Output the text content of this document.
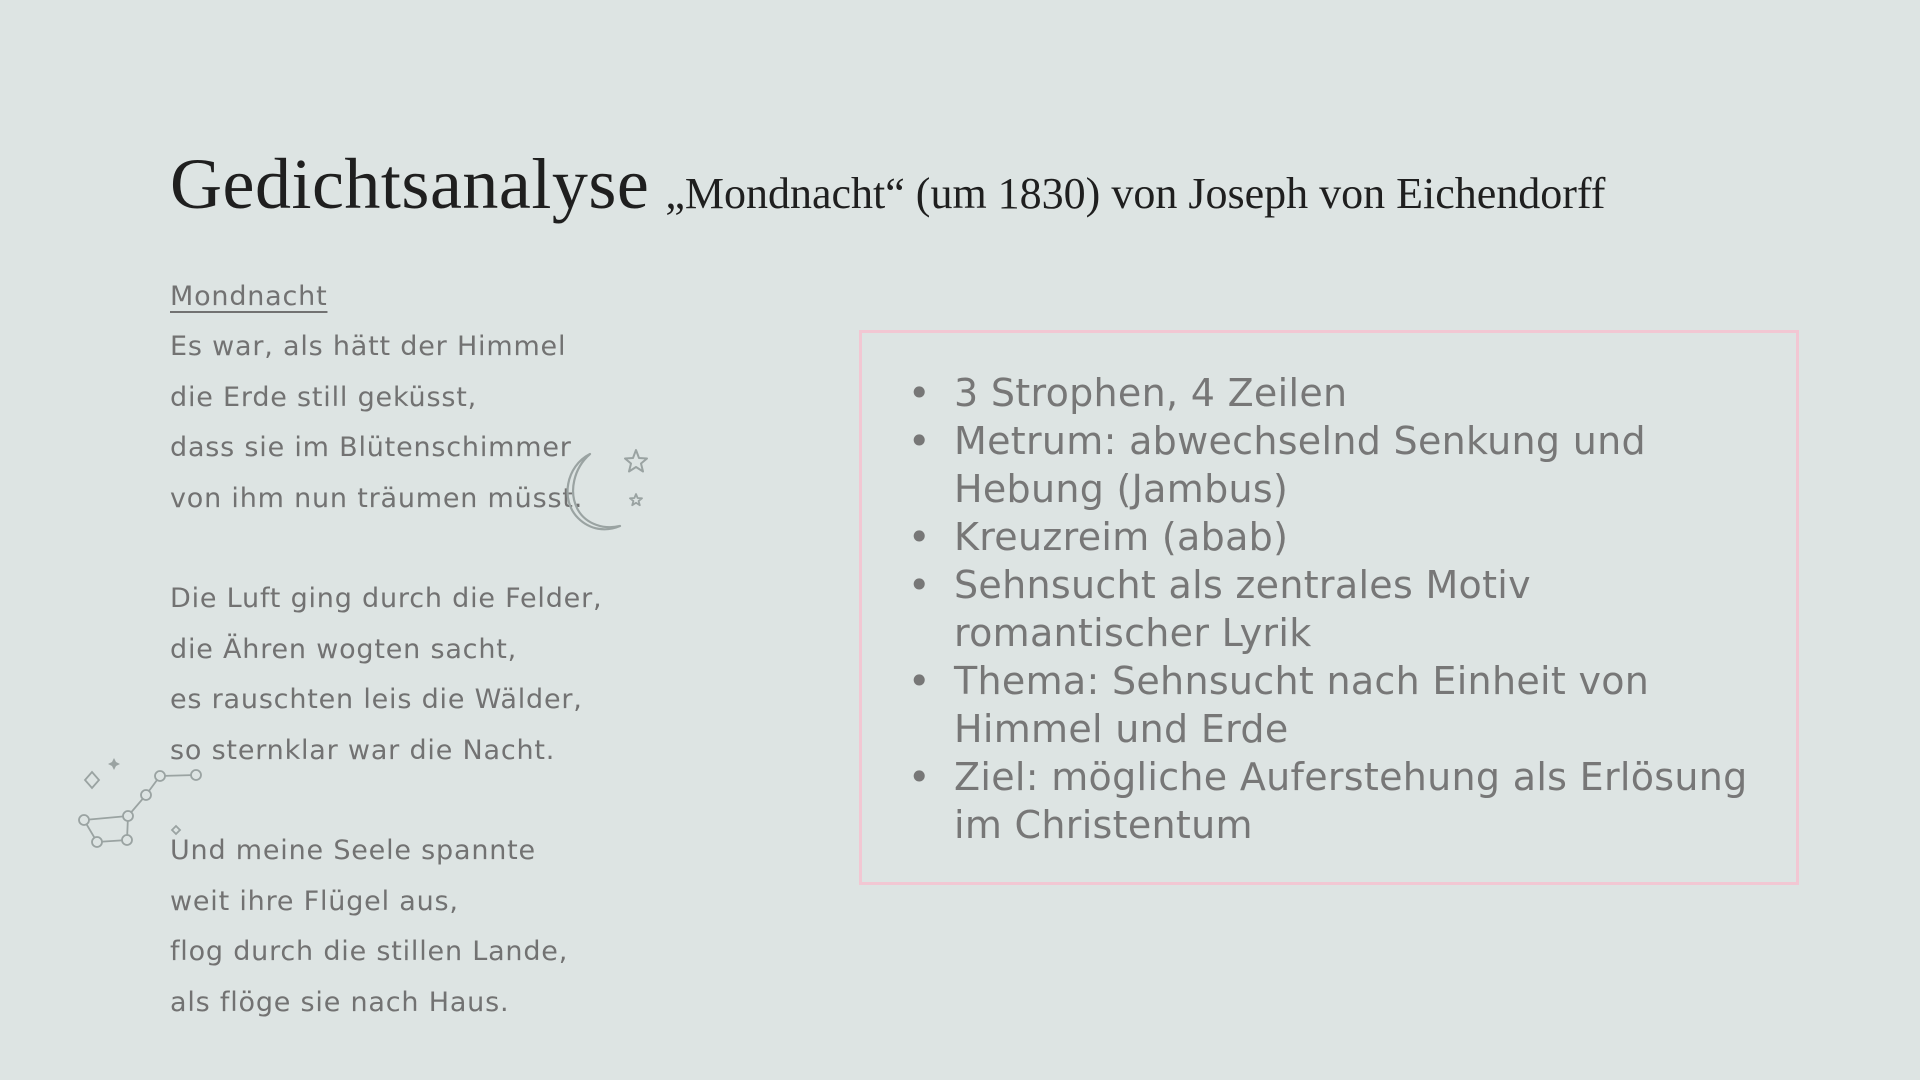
Gedichtsanalyse „Mondnacht“ (um 1830) von Joseph von Eichendorff
Mondnacht
Es war, als hätt der Himmel
die Erde still geküsst,
dass sie im Blütenschimmer
von ihm nun träumen müsst.
Die Luft ging durch die Felder,
die Ähren wogten sacht,
es rauschten leis die Wälder,
so sternklar war die Nacht.
Und meine Seele spannte
weit ihre Flügel aus,
flog durch die stillen Lande,
als flöge sie nach Haus.
• 3 Strophen, 4 Zeilen
• Metrum: abwechselnd Senkung und Hebung (Jambus)
• Kreuzreim (abab)
• Sehnsucht als zentrales Motiv romantischer Lyrik
• Thema: Sehnsucht nach Einheit von Himmel und Erde
• Ziel: mögliche Auferstehung als Erlösung im Christentum
